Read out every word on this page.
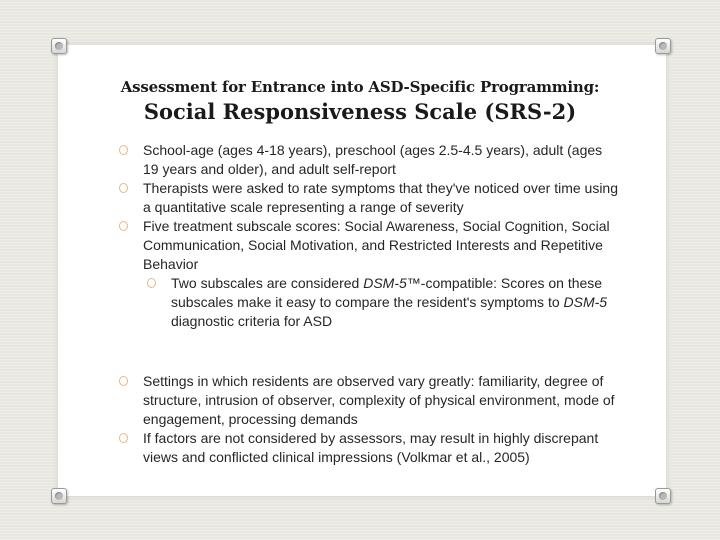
Assessment for Entrance into ASD-Specific Programming:
Social Responsiveness Scale (SRS-2)
School-age (ages 4-18 years), preschool (ages 2.5-4.5 years), adult (ages 19 years and older), and adult self-report
Therapists were asked to rate symptoms that they've noticed over time using a quantitative scale representing a range of severity
Five treatment subscale scores: Social Awareness, Social Cognition, Social Communication, Social Motivation, and Restricted Interests and Repetitive Behavior
Two subscales are considered DSM-5™-compatible: Scores on these subscales make it easy to compare the resident's symptoms to DSM-5 diagnostic criteria for ASD
Settings in which residents are observed vary greatly: familiarity, degree of structure, intrusion of observer, complexity of physical environment, mode of engagement, processing demands
If factors are not considered by assessors, may result in highly discrepant views and conflicted clinical impressions (Volkmar et al., 2005)
